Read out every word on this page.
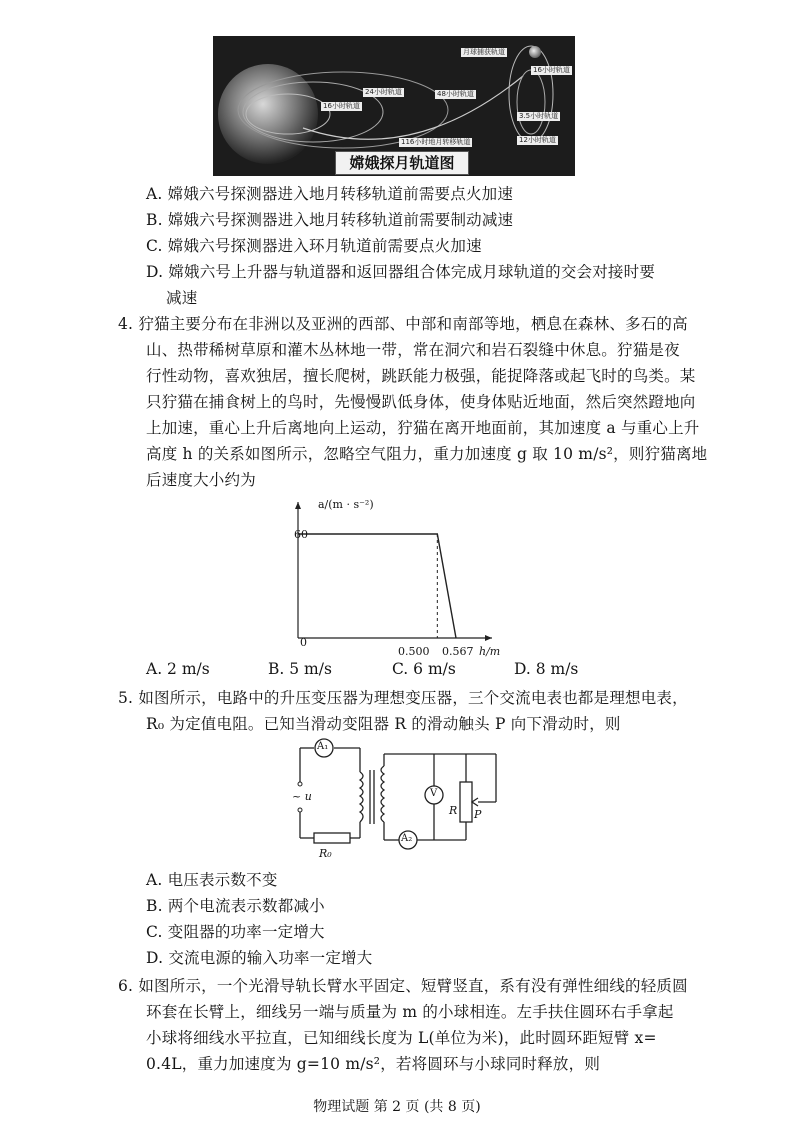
月球捕获轨道
16小时轨道
24小时轨道	48小时轨道
16小时轨道
3.5小时轨道
12小时轨道
116小时地月转移轨道
嫦娥探月轨道图
A. 嫦娥六号探测器进入地月转移轨道前需要点火加速
B. 嫦娥六号探测器进入地月转移轨道前需要制动减速
C. 嫦娥六号探测器进入环月轨道前需要点火加速
D. 嫦娥六号上升器与轨道器和返回器组合体完成月球轨道的交会对接时要
减速
4. 狞猫主要分布在非洲以及亚洲的西部、中部和南部等地，栖息在森林、多石的高
山、热带稀树草原和灌木丛林地一带，常在洞穴和岩石裂缝中休息。狞猫是夜
行性动物，喜欢独居，擅长爬树，跳跃能力极强，能捉降落或起飞时的鸟类。某
只狞猫在捕食树上的鸟时，先慢慢趴低身体，使身体贴近地面，然后突然蹬地向
上加速，重心上升后离地向上运动，狞猫在离开地面前，其加速度 a 与重心上升
高度 h 的关系如图所示，忽略空气阻力，重力加速度 g 取 10 m/s²，则狞猫离地
后速度大小约为
a/(m · s⁻²)
60
0
0.500 0.567 h/m
A. 2 m/s	B. 5 m/s	C. 6 m/s	D. 8 m/s
5. 如图所示，电路中的升压变压器为理想变压器，三个交流电表也都是理想电表，
R₀ 为定值电阻。已知当滑动变阻器 R 的滑动触头 P 向下滑动时，则
A₁
V
A₂
~ u
R P
R₀
A. 电压表示数不变
B. 两个电流表示数都减小
C. 变阻器的功率一定增大
D. 交流电源的输入功率一定增大
6. 如图所示，一个光滑导轨长臂水平固定、短臂竖直，系有没有弹性细线的轻质圆
环套在长臂上，细线另一端与质量为 m 的小球相连。左手扶住圆环右手拿起
小球将细线水平拉直，已知细线长度为 L(单位为米)，此时圆环距短臂 x=
0.4L，重力加速度为 g=10 m/s²，若将圆环与小球同时释放，则
物理试题 第 2 页 (共 8 页)
